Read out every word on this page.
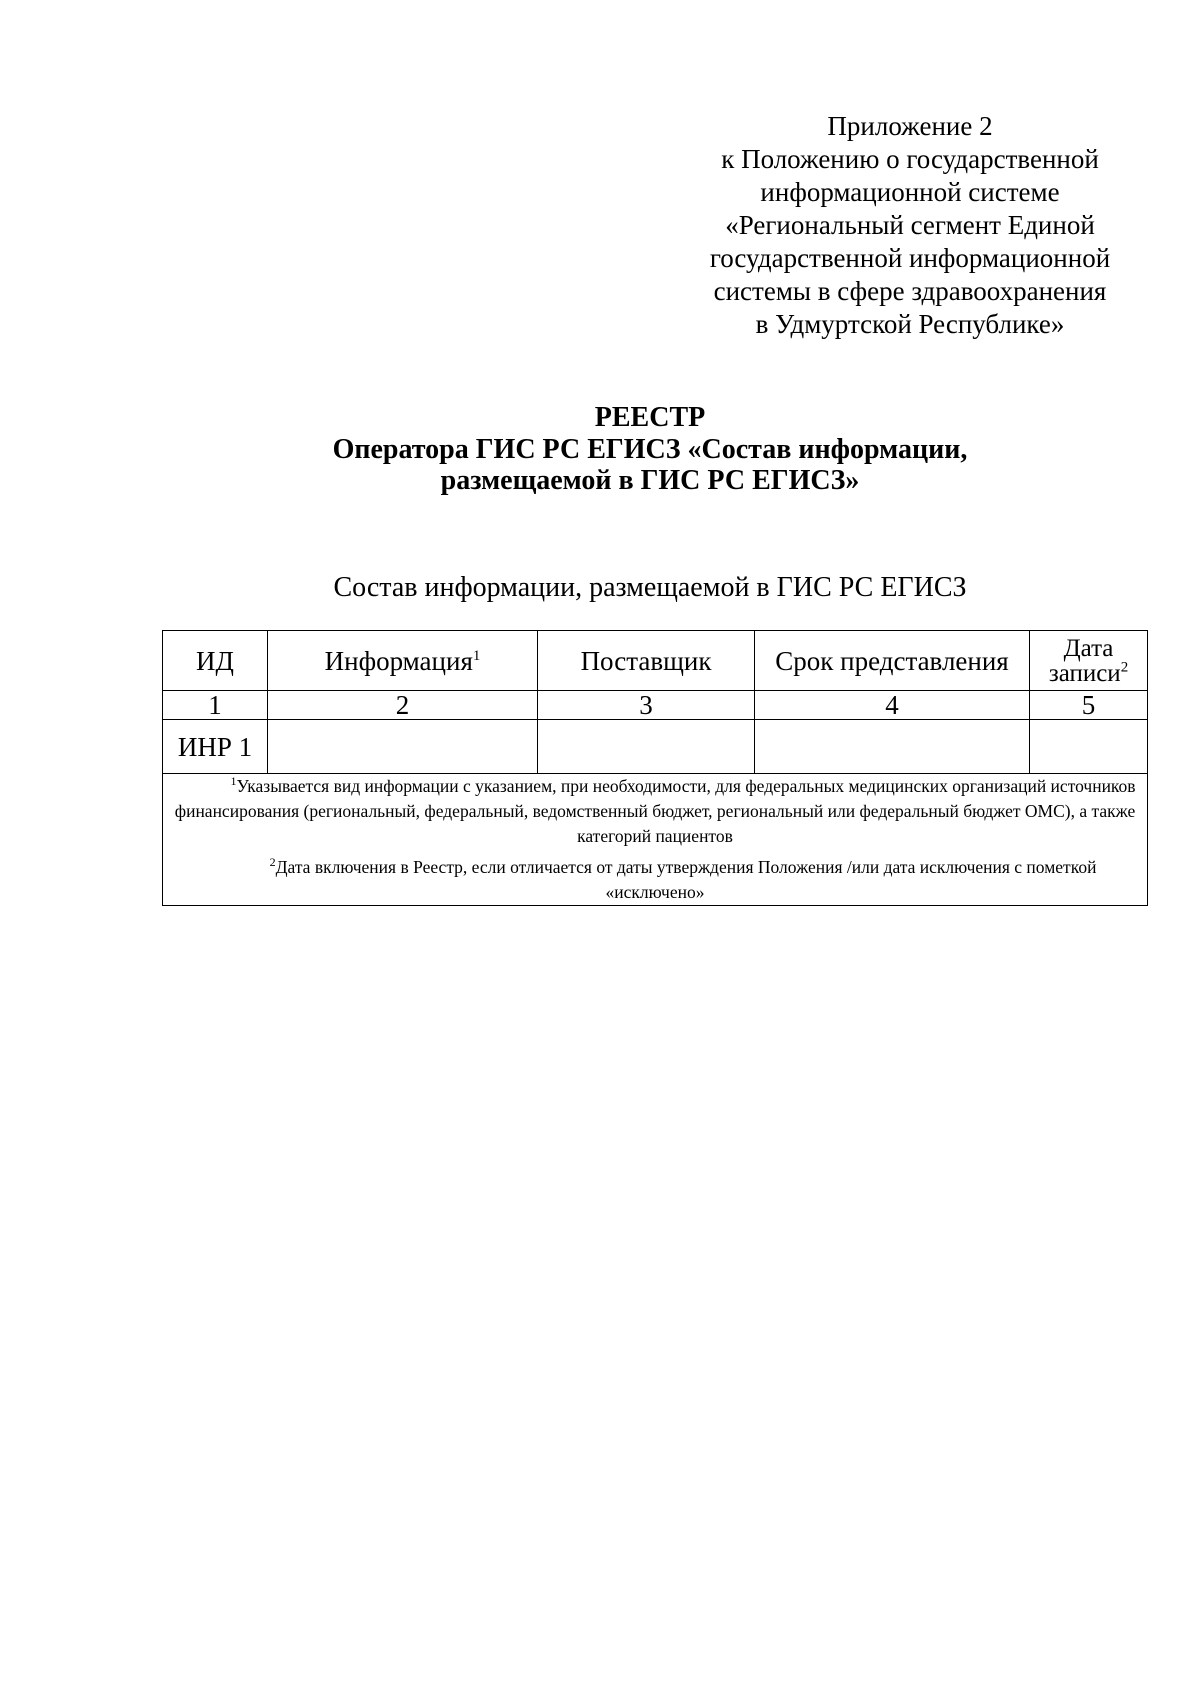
Приложение 2
к Положению о государственной
информационной системе
«Региональный сегмент Единой
государственной информационной
системы в сфере здравоохранения
в Удмуртской Республике»
РЕЕСТР
Оператора ГИС РС ЕГИСЗ «Состав информации,
размещаемой в ГИС РС ЕГИСЗ»
Состав информации, размещаемой в ГИС РС ЕГИСЗ
ИД	Информация$^1$	Поставщик	Срок представления	Дата
записи$^2$
1	2	3	4	5
ИНР 1				

$^1$Указывается вид информации с указанием, при необходимости, для федеральных медицинских организаций источников финансирования (региональный, федеральный, ведомственный бюджет, региональный или федеральный бюджет ОМС), а также категорий пациентов

$^2$Дата включения в Реестр, если отличается от даты утверждения Положения /или дата исключения с пометкой «исключено»				
